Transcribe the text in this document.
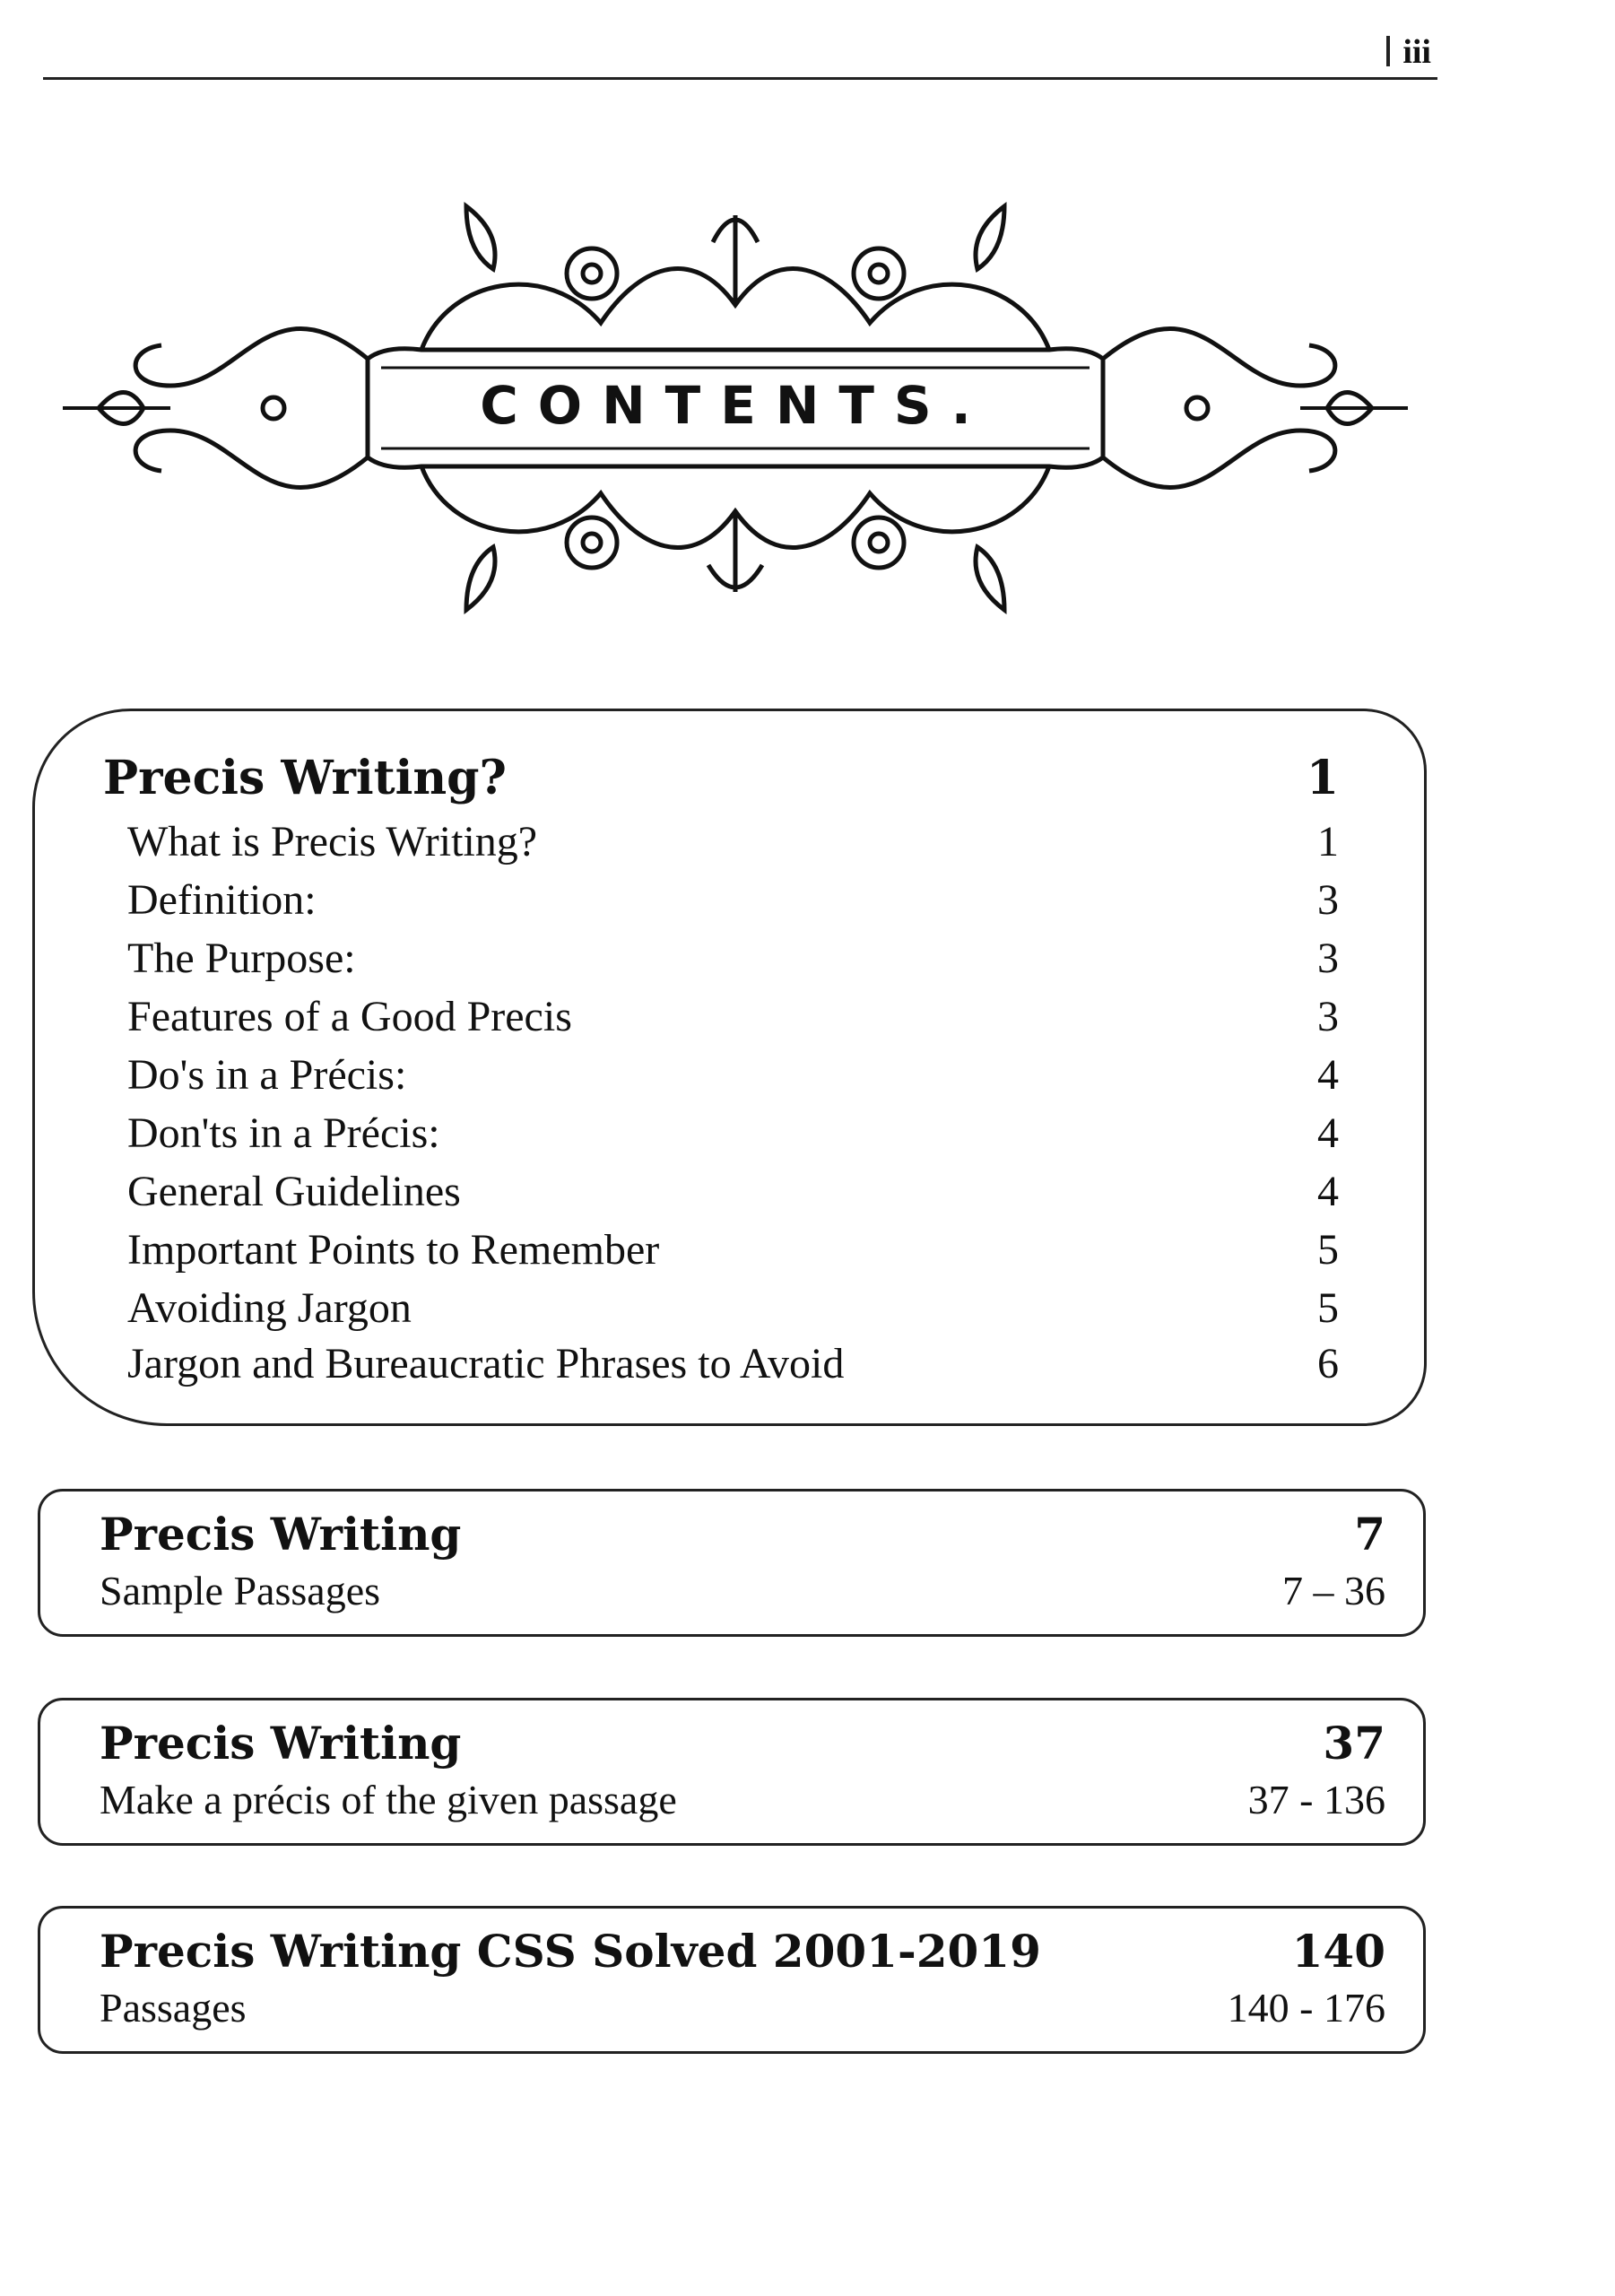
iii
CONTENTS.
Precis Writing?	1
What is Precis Writing?	1
Definition:	3
The Purpose:	3
Features of a Good Precis	3
Do's in a Précis:	4
Don'ts in a Précis:	4
General Guidelines	4
Important Points to Remember	5
Avoiding Jargon	5
Jargon and Bureaucratic Phrases to Avoid	6
Precis Writing	7
Sample Passages	7 – 36
Precis Writing	37
Make a précis of the given passage	37 - 136
Precis Writing CSS Solved 2001-2019	140
Passages	140 - 176
